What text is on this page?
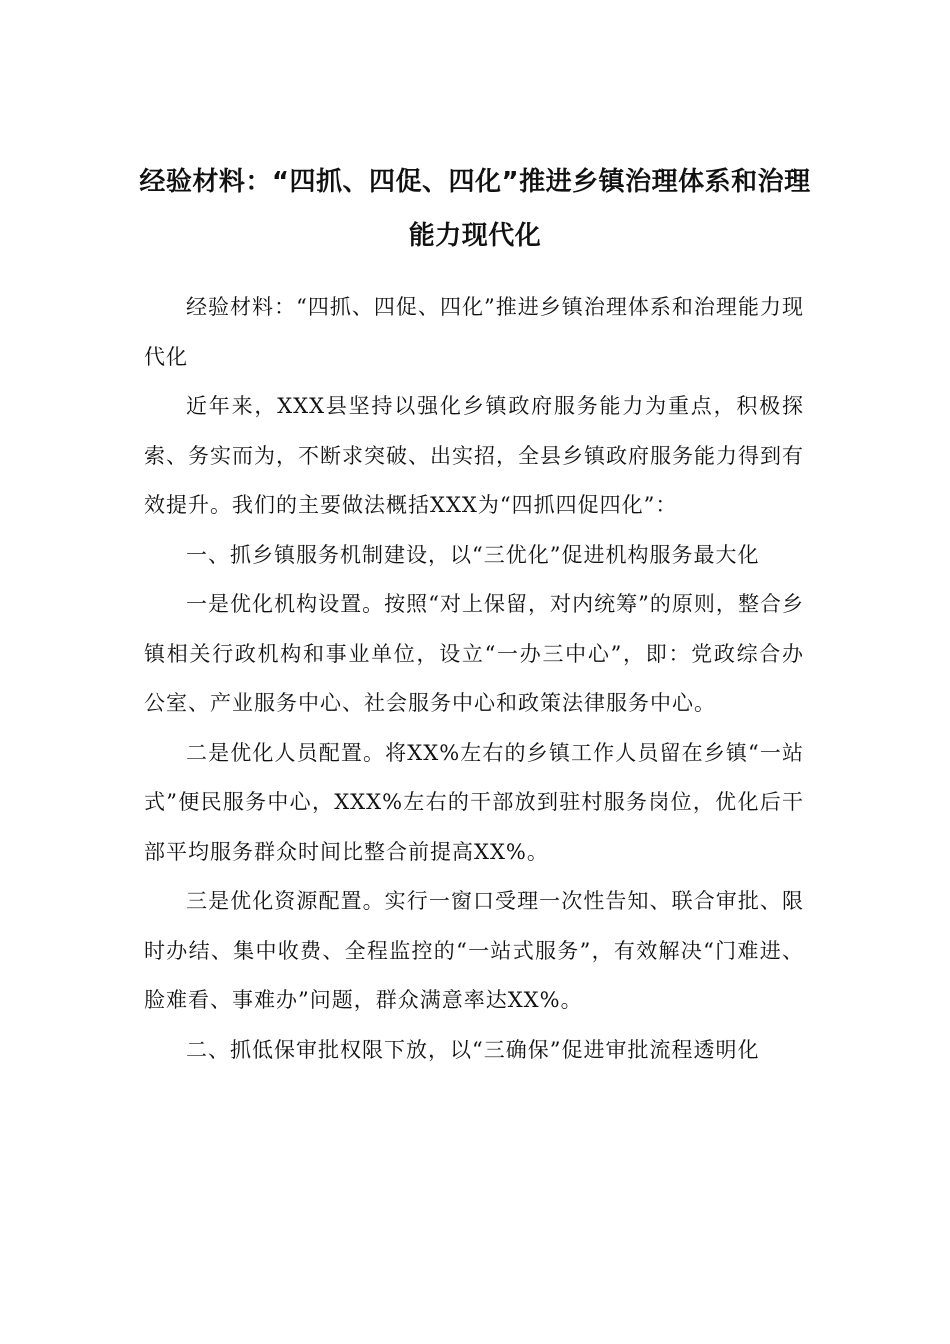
经验材料：“四抓、四促、四化”推进乡镇治理体系和治理能力现代化

经验材料：“四抓、四促、四化”推进乡镇治理体系和治理能力现代化

近年来，XXX县坚持以强化乡镇政府服务能力为重点，积极探索、务实而为，不断求突破、出实招，全县乡镇政府服务能力得到有效提升。我们的主要做法概括XXX为“四抓四促四化”：

一、抓乡镇服务机制建设，以“三优化”促进机构服务最大化

一是优化机构设置。按照“对上保留，对内统筹”的原则，整合乡镇相关行政机构和事业单位，设立“一办三中心”，即：党政综合办公室、产业服务中心、社会服务中心和政策法律服务中心。

二是优化人员配置。将XX%左右的乡镇工作人员留在乡镇“一站式”便民服务中心，XXX%左右的干部放到驻村服务岗位，优化后干部平均服务群众时间比整合前提高XX%。

三是优化资源配置。实行一窗口受理一次性告知、联合审批、限时办结、集中收费、全程监控的“一站式服务”，有效解决“门难进、脸难看、事难办”问题，群众满意率达XX%。

二、抓低保审批权限下放，以“三确保”促进审批流程透明化
